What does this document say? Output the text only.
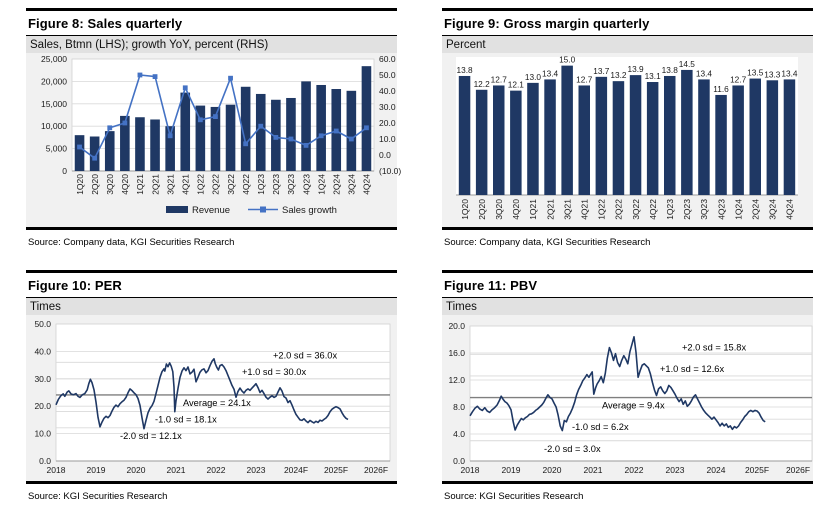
Figure 8: Sales quarterly
Sales, Btmn (LHS); growth YoY, percent (RHS)
25,000
20,000
15,000
10,000
5,000
0
60.0
50.0
40.0
30.0
20.0
10.0
0.0
(10.0)
1Q20 2Q20 3Q20 4Q20 1Q21 2Q21 3Q21 4Q21 1Q22 2Q22 3Q22 4Q22 1Q23 2Q23 3Q23 4Q23 1Q24 2Q24 3Q24 4Q24
Revenue	Sales growth
Source: Company data, KGI Securities Research
Figure 9: Gross margin quarterly
Percent
13.8
12.2 12.7
12.1
13.0 13.4
15.0
12.7
13.7 13.2
13.9
13.1
13.8
14.5
13.4
11.6
12.7
13.5 13.3 13.4
1Q20 2Q20 3Q20 4Q20 1Q21 2Q21 3Q21 4Q21 1Q22 2Q22 3Q22 4Q22 1Q23 2Q23 3Q23 4Q23 1Q24 2Q24 3Q24 4Q24
Source: Company data, KGI Securities Research
Figure 10: PER
Times
50.0
40.0
30.0
20.0
10.0
0.0
2018 2019 2020 2021 2022 2023 2024F 2025F 2026F
+2.0 sd = 36.0x
+1.0 sd = 30.0x
Average = 24.1x
-1.0 sd = 18.1x
-2.0 sd = 12.1x
Source: KGI Securities Research
Figure 11: PBV
Times
20.0
16.0
12.0
8.0
4.0
0.0
2018	2019	2020	2021	2022	2023	2024 2025F 2026F
+2.0 sd = 15.8x
+1.0 sd = 12.6x
Average = 9.4x
-1.0 sd = 6.2x
-2.0 sd = 3.0x
Source: KGI Securities Research
